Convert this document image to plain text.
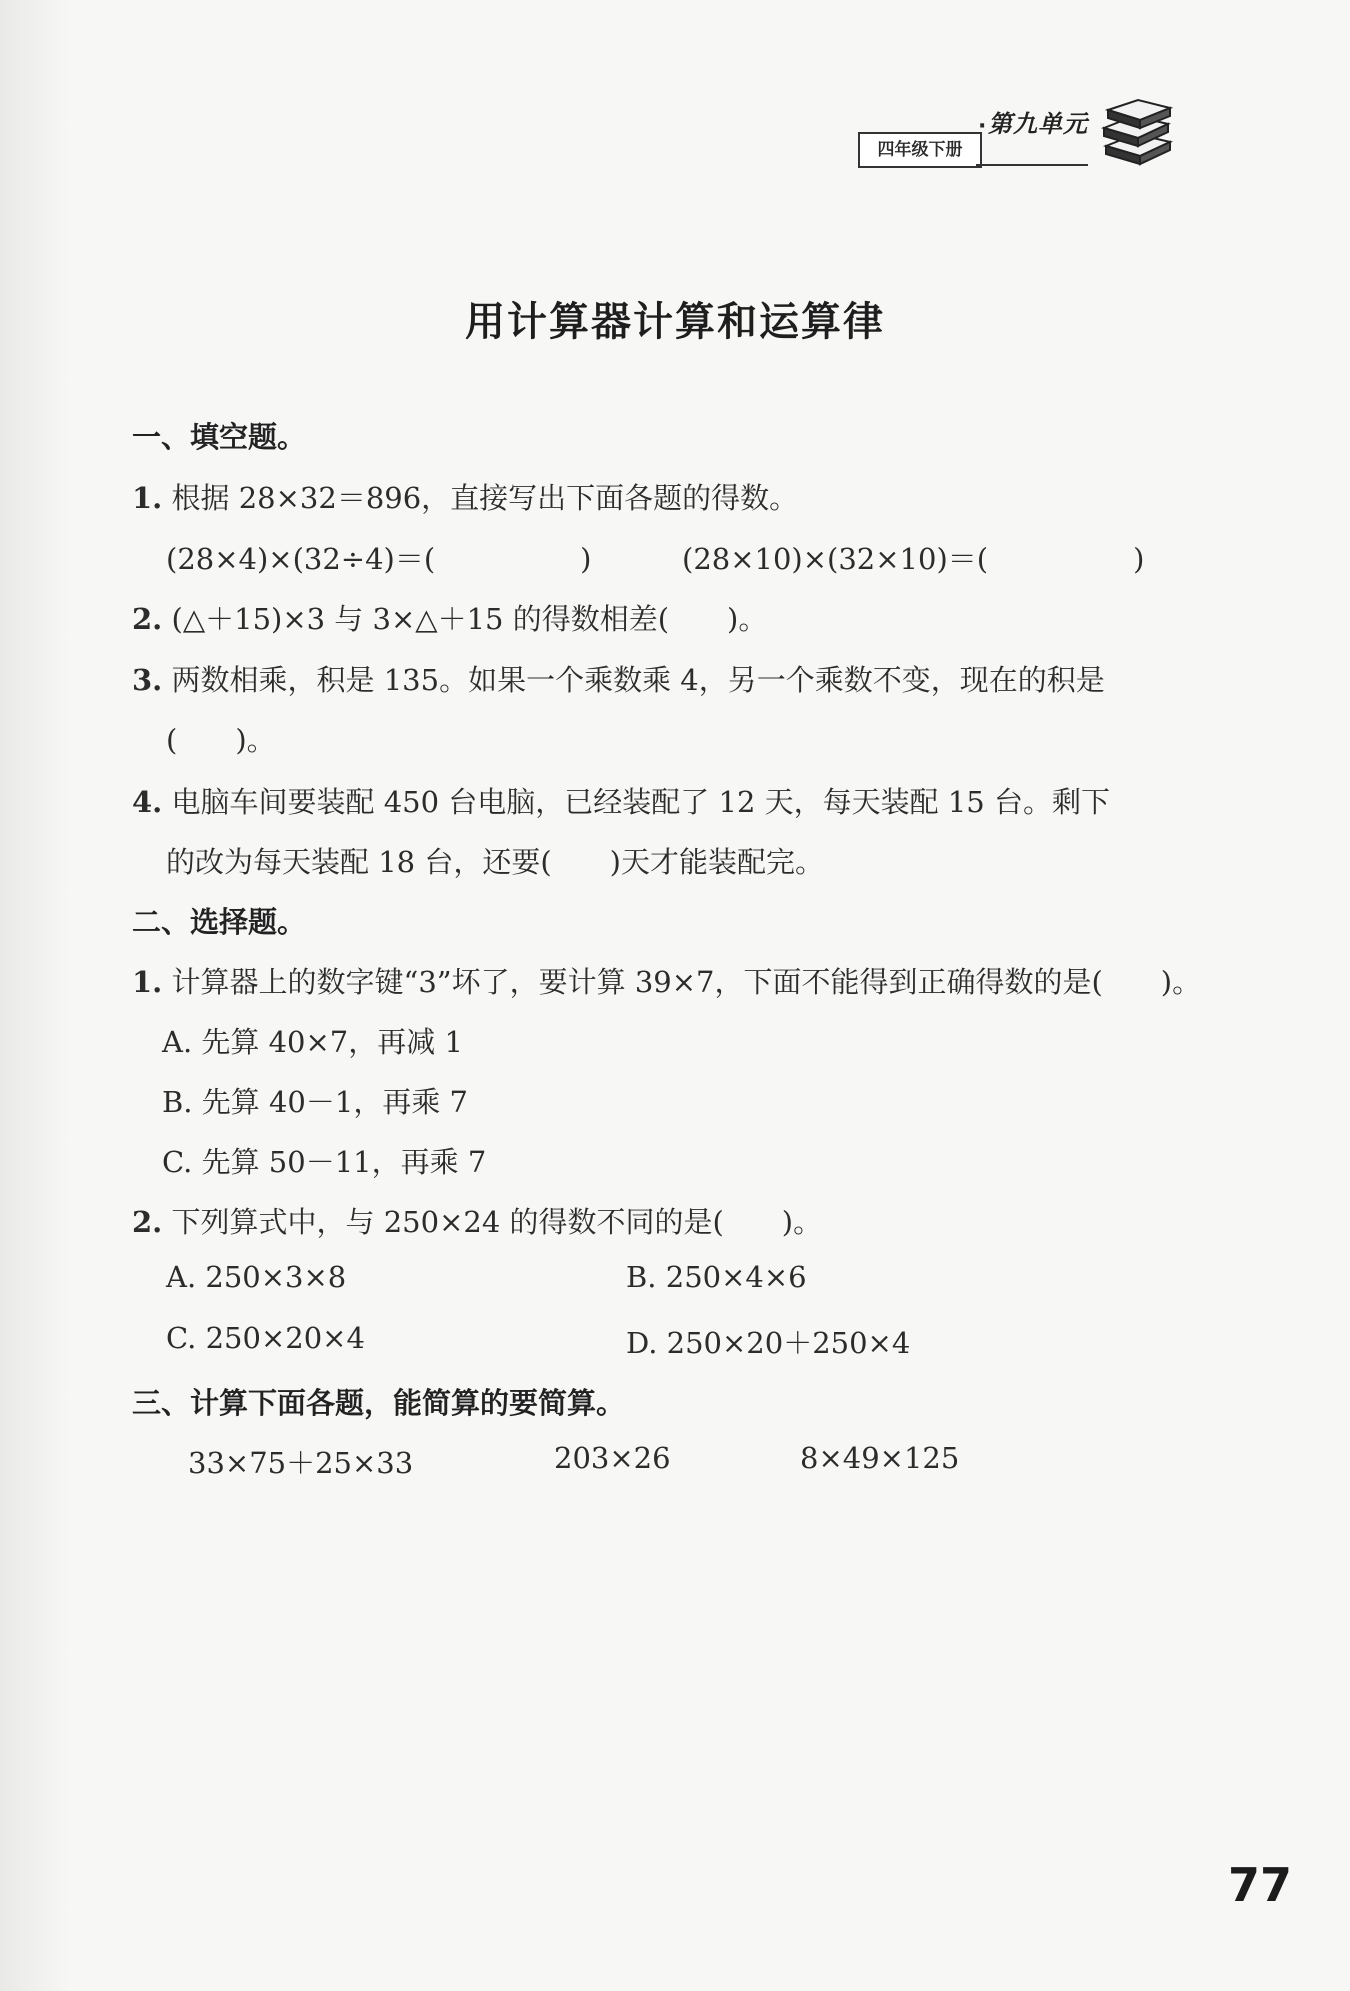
四年级下册
· 第九单元
用计算器计算和运算律
一、填空题。
1. 根据 28×32＝896，直接写出下面各题的得数。
(28×4)×(32÷4)＝(　　　　　)	(28×10)×(32×10)＝(　　　　　)
2. (△＋15)×3 与 3×△＋15 的得数相差(　　)。
3. 两数相乘，积是 135。如果一个乘数乘 4，另一个乘数不变，现在的积是
(　　)。
4. 电脑车间要装配 450 台电脑，已经装配了 12 天，每天装配 15 台。剩下
的改为每天装配 18 台，还要(　　)天才能装配完。
二、选择题。
1. 计算器上的数字键“3”坏了，要计算 39×7，下面不能得到正确得数的是(　　)。
A. 先算 40×7，再减 1
B. 先算 40－1，再乘 7
C. 先算 50－11，再乘 7
2. 下列算式中，与 250×24 的得数不同的是(　　)。
A. 250×3×8	B. 250×4×6
C. 250×20×4	D. 250×20＋250×4
三、计算下面各题，能简算的要简算。
33×75＋25×33	203×26	8×49×125
77
